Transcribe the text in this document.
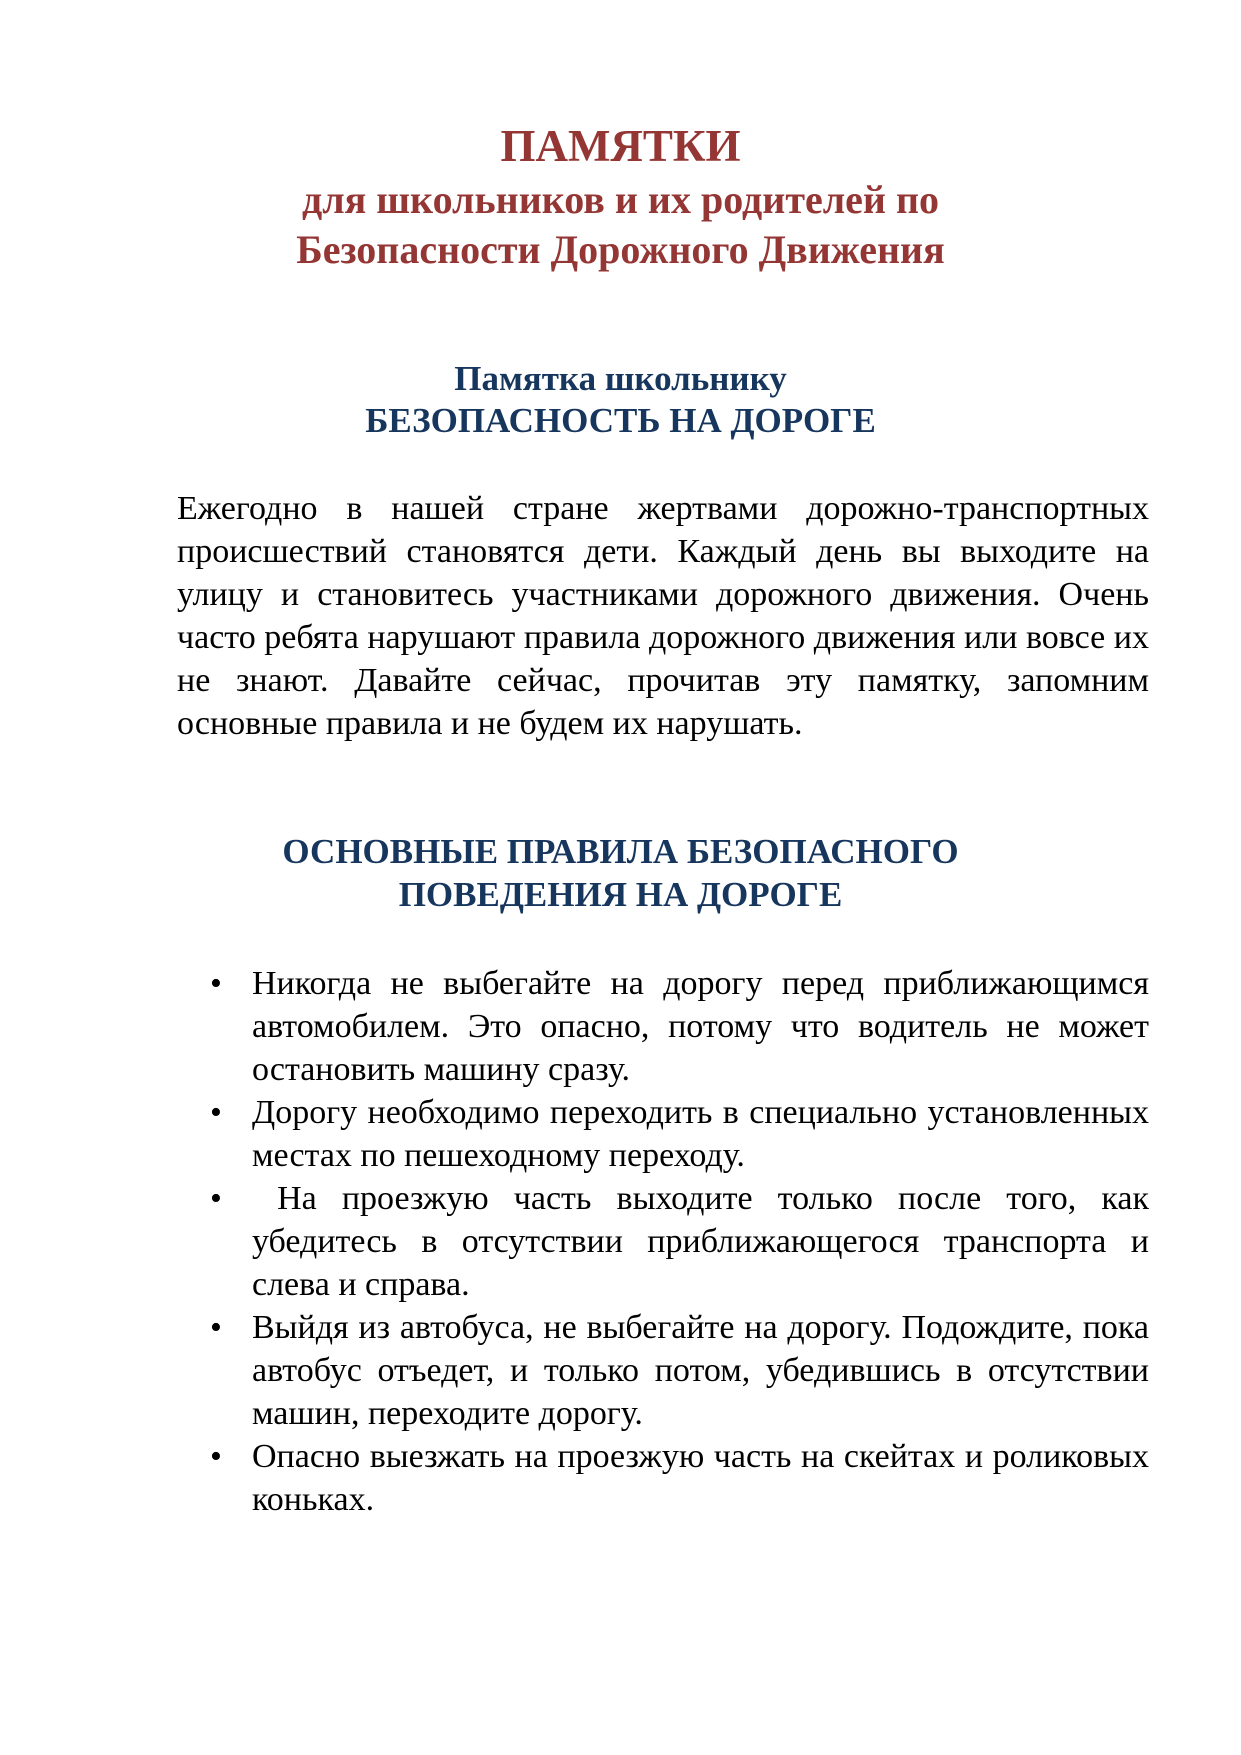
ПАМЯТКИ
для школьников и их родителей по
Безопасности Дорожного Движения
Памятка школьнику
БЕЗОПАСНОСТЬ НА ДОРОГЕ

Ежегодно в нашей стране жертвами дорожно-транспортных происшествий становятся дети. Каждый день вы выходите на улицу и становитесь участниками дорожного движения. Очень часто ребята нарушают правила дорожного движения или вовсе их не знают. Давайте сейчас, прочитав эту памятку, запомним основные правила и не будем их нарушать.

ОСНОВНЫЕ ПРАВИЛА БЕЗОПАСНОГО
ПОВЕДЕНИЯ НА ДОРОГЕ
• Никогда не выбегайте на дорогу перед приближающимся автомобилем. Это опасно, потому что водитель не может остановить машину сразу.
• Дорогу необходимо переходить в специально установленных местах по пешеходному переходу.
• На проезжую часть выходите только после того, как убедитесь в отсутствии приближающегося транспорта и слева и справа.
• Выйдя из автобуса, не выбегайте на дорогу. Подождите, пока автобус отъедет, и только потом, убедившись в отсутствии машин, переходите дорогу.
• Опасно выезжать на проезжую часть на скейтах и роликовых коньках.
